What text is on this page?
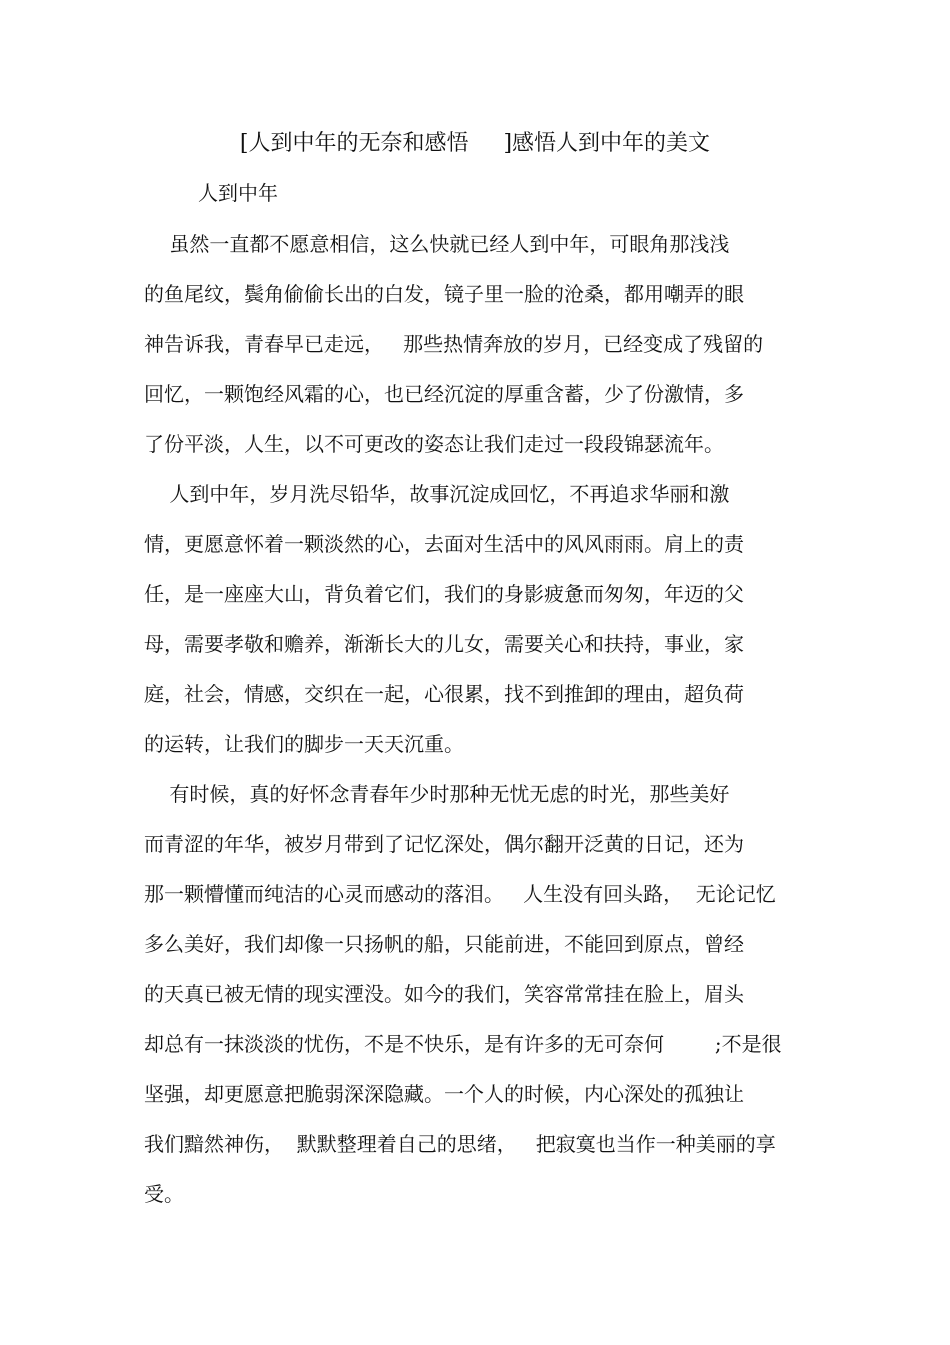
[人到中年的无奈和感悟     ]感悟人到中年的美文
人到中年
虽然一直都不愿意相信，这么快就已经人到中年，可眼角那浅浅
的鱼尾纹，鬓角偷偷长出的白发，镜子里一脸的沧桑，都用嘲弄的眼
神告诉我，青春早已走远，   那些热情奔放的岁月，已经变成了残留的
回忆，一颗饱经风霜的心，也已经沉淀的厚重含蓄，少了份激情，多
了份平淡，人生，以不可更改的姿态让我们走过一段段锦瑟流年。
人到中年，岁月洗尽铅华，故事沉淀成回忆，不再追求华丽和激
情，更愿意怀着一颗淡然的心，去面对生活中的风风雨雨。肩上的责
任，是一座座大山，背负着它们，我们的身影疲惫而匆匆，年迈的父
母，需要孝敬和赡养，渐渐长大的儿女，需要关心和扶持，事业，家
庭，社会，情感，交织在一起，心很累，找不到推卸的理由，超负荷
的运转，让我们的脚步一天天沉重。
有时候，真的好怀念青春年少时那种无忧无虑的时光，那些美好
而青涩的年华，被岁月带到了记忆深处，偶尔翻开泛黄的日记，还为
那一颗懵懂而纯洁的心灵而感动的落泪。   人生没有回头路，  无论记忆
多么美好，我们却像一只扬帆的船，只能前进，不能回到原点，曾经
的天真已被无情的现实湮没。如今的我们，笑容常常挂在脸上，眉头
却总有一抹淡淡的忧伤，不是不快乐，是有许多的无可奈何        ;不是很
坚强，却更愿意把脆弱深深隐藏。一个人的时候，内心深处的孤独让
我们黯然神伤，  默默整理着自己的思绪，   把寂寞也当作一种美丽的享
受。
